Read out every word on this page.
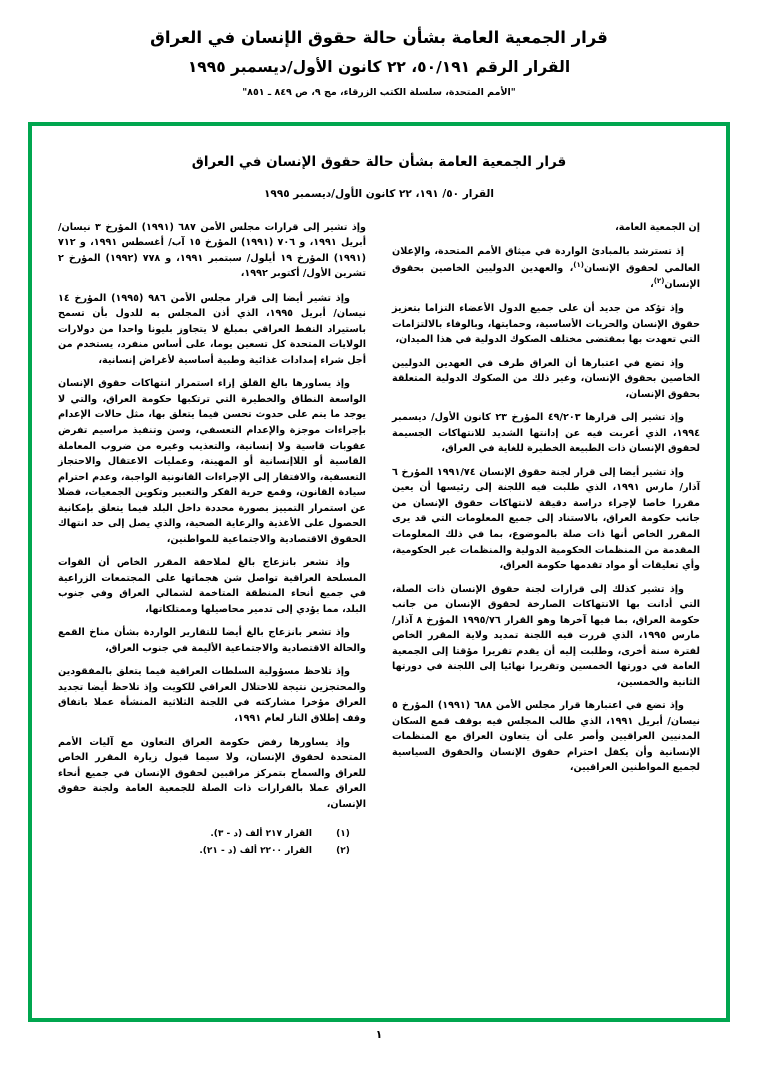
قرار الجمعية العامة بشأن حالة حقوق الإنسان في العراق
القرار الرقم ٥٠/١٩١، ٢٢ كانون الأول/ديسمبر ١٩٩٥
"الأمم المتحدة، سلسلة الكتب الزرقاء، مج ٩، ص ٨٤٩ ـ ٨٥١"
قرار الجمعية العامة بشأن حالة حقوق الإنسان في العراق
القرار ٥٠/ ١٩١، ٢٢ كانون الأول/ديسمبر ١٩٩٥

إن الجمعية العامة،

إذ تسترشد بالمبادئ الواردة في ميثاق الأمم المتحدة، والإعلان العالمي لحقوق الإنسان$^{(١)}$، والعهدين الدوليين الخاصين بحقوق الإنسان$^{(٢)}$،

وإذ تؤكد من جديد أن على جميع الدول الأعضاء التزاما بتعزيز حقوق الإنسان والحريات الأساسية، وحمايتها، وبالوفاء بالالتزامات التي تعهدت بها بمقتضى مختلف الصكوك الدولية في هذا الميدان،

وإذ تضع في اعتبارها أن العراق طرف في العهدين الدوليين الخاصين بحقوق الإنسان، وغير ذلك من الصكوك الدولية المتعلقة بحقوق الإنسان،

وإذ تشير إلى قرارها ٤٩/٢٠٣ المؤرخ ٢٣ كانون الأول/ ديسمبر ١٩٩٤، الذي أعربت فيه عن إدانتها الشديد للانتهاكات الجسيمة لحقوق الإنسان ذات الطبيعة الخطيرة للغاية في العراق،

وإذ تشير أيضا إلى قرار لجنة حقوق الإنسان ١٩٩١/٧٤ المؤرخ ٦ آذار/ مارس ١٩٩١، الذي طلبت فيه اللجنة إلى رئيسها أن يعين مقررا خاصا لإجراء دراسة دقيقة لانتهاكات حقوق الإنسان من جانب حكومة العراق، بالاستناد إلى جميع المعلومات التي قد يرى المقرر الخاص أنها ذات صلة بالموضوع، بما في ذلك المعلومات المقدمة من المنظمات الحكومية الدولية والمنظمات غير الحكومية، وأي تعليقات أو مواد تقدمها حكومة العراق،

وإذ تشير كذلك إلى قرارات لجنة حقوق الإنسان ذات الصلة، التي أدانت بها الانتهاكات الصارخة لحقوق الإنسان من جانب حكومة العراق، بما فيها آخرها وهو القرار ١٩٩٥/٧٦ المؤرخ ٨ آذار/ مارس ١٩٩٥، الذي قررت فيه اللجنة تمديد ولاية المقرر الخاص لفترة سنة أخرى، وطلبت إليه أن يقدم تقريرا مؤقتا إلى الجمعية العامة في دورتها الخمسين وتقريرا نهائيا إلى اللجنة في دورتها الثانية والخمسين،

وإذ تضع في اعتبارها قرار مجلس الأمن ٦٨٨ (١٩٩١) المؤرخ ٥ نيسان/ أبريل ١٩٩١، الذي طالب المجلس فيه بوقف قمع السكان المدنيين العراقيين وأصر على أن يتعاون العراق مع المنظمات الإنسانية وأن يكفل احترام حقوق الإنسان والحقوق السياسية لجميع المواطنين العراقيين،

وإذ تشير إلى قرارات مجلس الأمن ٦٨٧ (١٩٩١) المؤرخ ٣ نيسان/ أبريل ١٩٩١، و ٧٠٦ (١٩٩١) المؤرخ ١٥ آب/ أغسطس ١٩٩١، و ٧١٢ (١٩٩١) المؤرخ ١٩ أيلول/ سبتمبر ١٩٩١، و ٧٧٨ (١٩٩٢) المؤرخ ٢ تشرين الأول/ أكتوبر ١٩٩٢،

وإذ تشير أيضا إلى قرار مجلس الأمن ٩٨٦ (١٩٩٥) المؤرخ ١٤ نيسان/ أبريل ١٩٩٥، الذي أذن المجلس به للدول بأن تسمح باستيراد النفط العراقي بمبلغ لا يتجاوز بليونا واحدا من دولارات الولايات المتحدة كل تسعين يوما، على أساس منفرد، يستخدم من أجل شراء إمدادات غذائية وطبية أساسية لأغراض إنسانية،

وإذ يساورها بالغ القلق إزاء استمرار انتهاكات حقوق الإنسان الواسعة النطاق والخطيرة التي ترتكبها حكومة العراق، والتي لا يوجد ما ينم على حدوث تحسن فيما يتعلق بها، مثل حالات الإعدام بإجراءات موجزة والإعدام التعسفي، وسن وتنفيذ مراسيم تفرض عقوبات قاسية ولا إنسانية، والتعذيب وغيره من ضروب المعاملة القاسية أو اللاإنسانية أو المهينة، وعمليات الاعتقال والاحتجاز التعسفية، والافتقار إلى الإجراءات القانونية الواجبة، وعدم احترام سيادة القانون، وقمع حرية الفكر والتعبير وتكوين الجمعيات، فضلا عن استمرار التمييز بصورة محددة داخل البلد فيما يتعلق بإمكانية الحصول على الأغذية والرعاية الصحية، والذي يصل إلى حد انتهاك الحقوق الاقتصادية والاجتماعية للمواطنين،

وإذ تشعر بانزعاج بالغ لملاحقة المقرر الخاص أن القوات المسلحة العراقية تواصل شن هجماتها على المجتمعات الزراعية في جميع أنحاء المنطقة المتاخمة لشمالي العراق وفي جنوب البلد، مما يؤدي إلى تدمير محاصيلها وممتلكاتها،

وإذ تشعر بانزعاج بالغ أيضا للتقارير الواردة بشأن مناخ القمع والحالة الاقتصادية والاجتماعية الأليمة في جنوب العراق،

وإذ تلاحظ مسؤولية السلطات العراقية فيما يتعلق بالمفقودين والمحتجزين نتيجة للاحتلال العراقي للكويت وإذ تلاحظ أيضا تجديد العراق مؤخرا مشاركته في اللجنة الثلاثية المنشأة عملا باتفاق وقف إطلاق النار لعام ١٩٩١،

وإذ يساورها رفض حكومة العراق التعاون مع آليات الأمم المتحدة لحقوق الإنسان، ولا سيما قبول زيارة المقرر الخاص للعراق والسماح بتمركز مراقبين لحقوق الإنسان في جميع أنحاء العراق عملا بالقرارات ذات الصلة للجمعية العامة ولجنة حقوق الإنسان،

(١)
القرار ٢١٧ ألف (د - ٣).
(٢)
القرار ٢٢٠٠ ألف (د - ٢١).
١
